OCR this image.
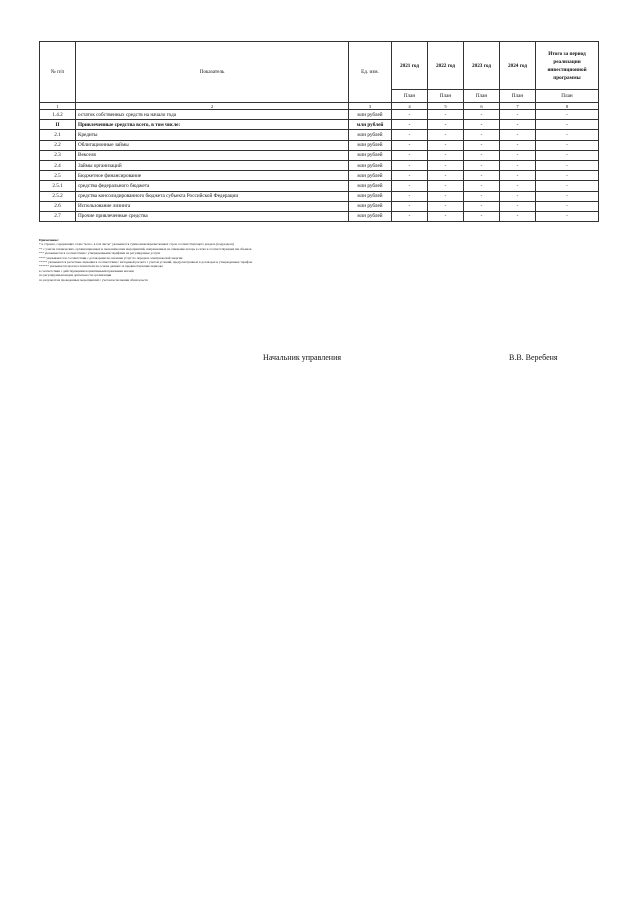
№ п/п	Показатель	Ед. изм.	2021 год	2022 год	2023 год	2024 год	Итого за период реализации инвестиционной программы
			План	План	План	План	План
1	2	3	4	5	6	7	8
1.4.2	остаток собственных средств на начало года	млн рублей	-	-	-	-	-
II	Привлеченные средства всего, в том числе:	млн рублей	-	-	-	-	-
2.1	Кредиты	млн рублей	-	-	-	-	-
2.2	Облигационные займы	млн рублей	-	-	-	-	-
2.3	Векселя	млн рублей	-	-	-	-	-
2.4	Займы организаций	млн рублей	-	-	-	-	-
2.5	Бюджетное финансирование	млн рублей	-	-	-	-	-
2.5.1	средства федерального бюджета	млн рублей	-	-	-	-	-
2.5.2	средства консолидированного бюджета субъекта Российской Федерации	млн рублей	-	-	-	-	-
2.6	Использование лизинга	млн рублей	-	-	-	-	-
2.7	Прочие привлеченные средства	млн рублей	-	-	-	-	-
Примечание:
* в строках, содержащих слова "всего, в том числе" указывается сумма нижеперечисленных строк соответствующего раздела (подраздела)
** с учетом технических, организационных и экономических мероприятий, направленных на снижение потерь в сетях и соответствующих им объемов
*** указываются в соответствии с утвержденными тарифами на регулируемые услуги
**** указываются в соответствии с договорами на оказание услуг по передаче электрической энергии
***** указываются расчетные значения в соответствии с методикой расчета с учетом условий, предусмотренных в договорах и утвержденных тарифов
****** указывается прогноз показателя на основе данных за предшествующие периоды
в соответствии с действующими нормативными правовыми актами
по регулируемым видам деятельности организации
по результатам проведенных мероприятий с учетом исполнения обязательств
Начальник управления	В.В. Веребеня
